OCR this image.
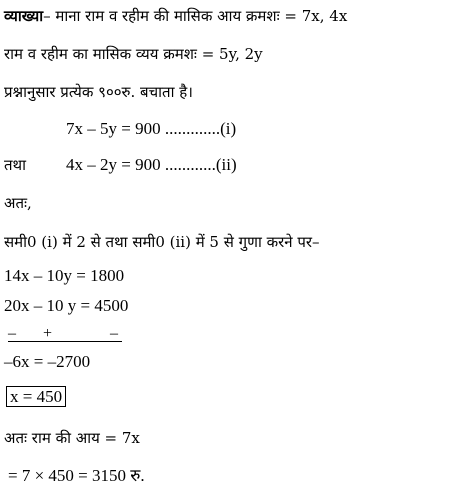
व्याख्या– माना राम व रहीम की मासिक आय क्रमशः = 7x, 4x
राम व रहीम का मासिक व्यय क्रमशः = 5y, 2y
प्रश्नानुसार प्रत्येक ९००रु. बचाता है।
7x – 5y = 900 .............(i)
तथा 4x – 2y = 900 ............(ii)
अतः,
समी0 (i) में 2 से तथा समी0 (ii) में 5 से गुणा करने पर–
14x – 10y = 1800
20x – 10 y = 4500
– +	–
–6x = –2700
x = 450
अतः राम की आय = 7x
= 7 × 450 = 3150 रु.
